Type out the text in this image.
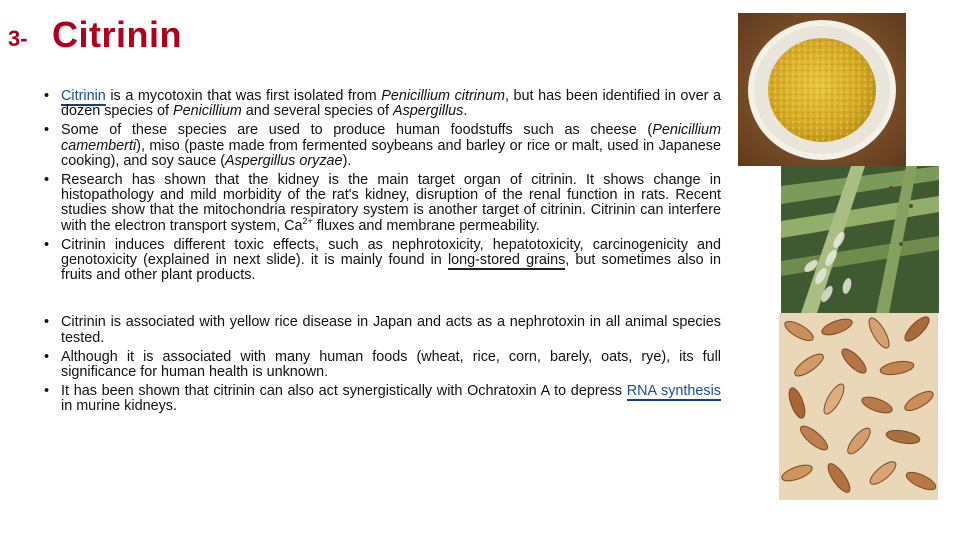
3- Citrinin
• Citrinin is a mycotoxin that was first isolated from Penicillium citrinum, but has been identified in over a dozen species of Penicillium and several species of Aspergillus.
• Some of these species are used to produce human foodstuffs such as cheese (Penicillium camemberti), miso (paste made from fermented soybeans and barley or rice or malt, used in Japanese cooking), and soy sauce (Aspergillus oryzae).
• Research has shown that the kidney is the main target organ of citrinin. It shows change in histopathology and mild morbidity of the rat's kidney, disruption of the renal function in rats. Recent studies show that the mitochondria respiratory system is another target of citrinin. Citrinin can interfere with the electron transport system, $Ca^{2+}$ fluxes and membrane permeability.
• Citrinin induces different toxic effects, such as nephrotoxicity, hepatotoxicity, carcinogenicity and genotoxicity (explained in next slide). it is mainly found in long-stored grains, but sometimes also in fruits and other plant products.
• Citrinin is associated with yellow rice disease in Japan and acts as a nephrotoxin in all animal species tested.
• Although it is associated with many human foods (wheat, rice, corn, barely, oats, rye), its full significance for human health is unknown.
• It has been shown that citrinin can also act synergistically with Ochratoxin A to depress RNA synthesis in murine kidneys.
